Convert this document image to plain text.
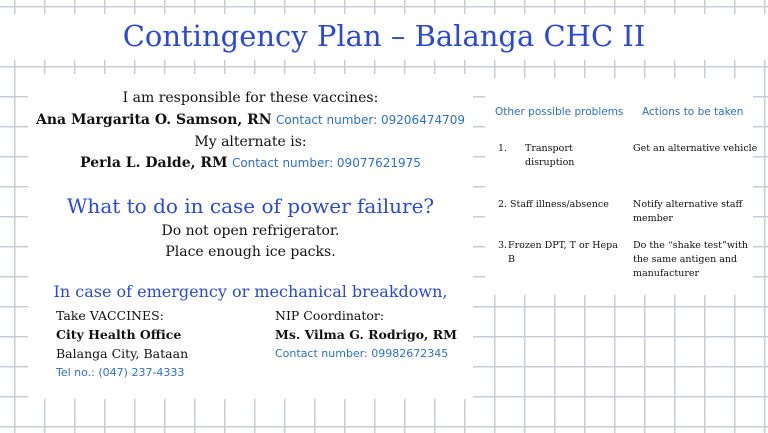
Contingency Plan – Balanga CHC II
I am responsible for these vaccines:
Ana Margarita O. Samson, RN Contact number: 09206474709
My alternate is:
Perla L. Dalde, RM Contact number: 09077621975
What to do in case of power failure?
Do not open refrigerator.
Place enough ice packs.
In case of emergency or mechanical breakdown,
Take VACCINES:
City Health Office
Balanga City, Bataan
Tel no.: (047) 237-4333
NIP Coordinator:
Ms. Vilma G. Rodrigo, RM
Contact number: 09982672345
Other possible problems Actions to be taken
1. Transport disruption
Get an alternative vehicle
2. Staff illness/absence	Notify alternative staff member
3. Frozen DPT, T or Hepa B
Do the “shake test”with the same antigen and manufacturer
